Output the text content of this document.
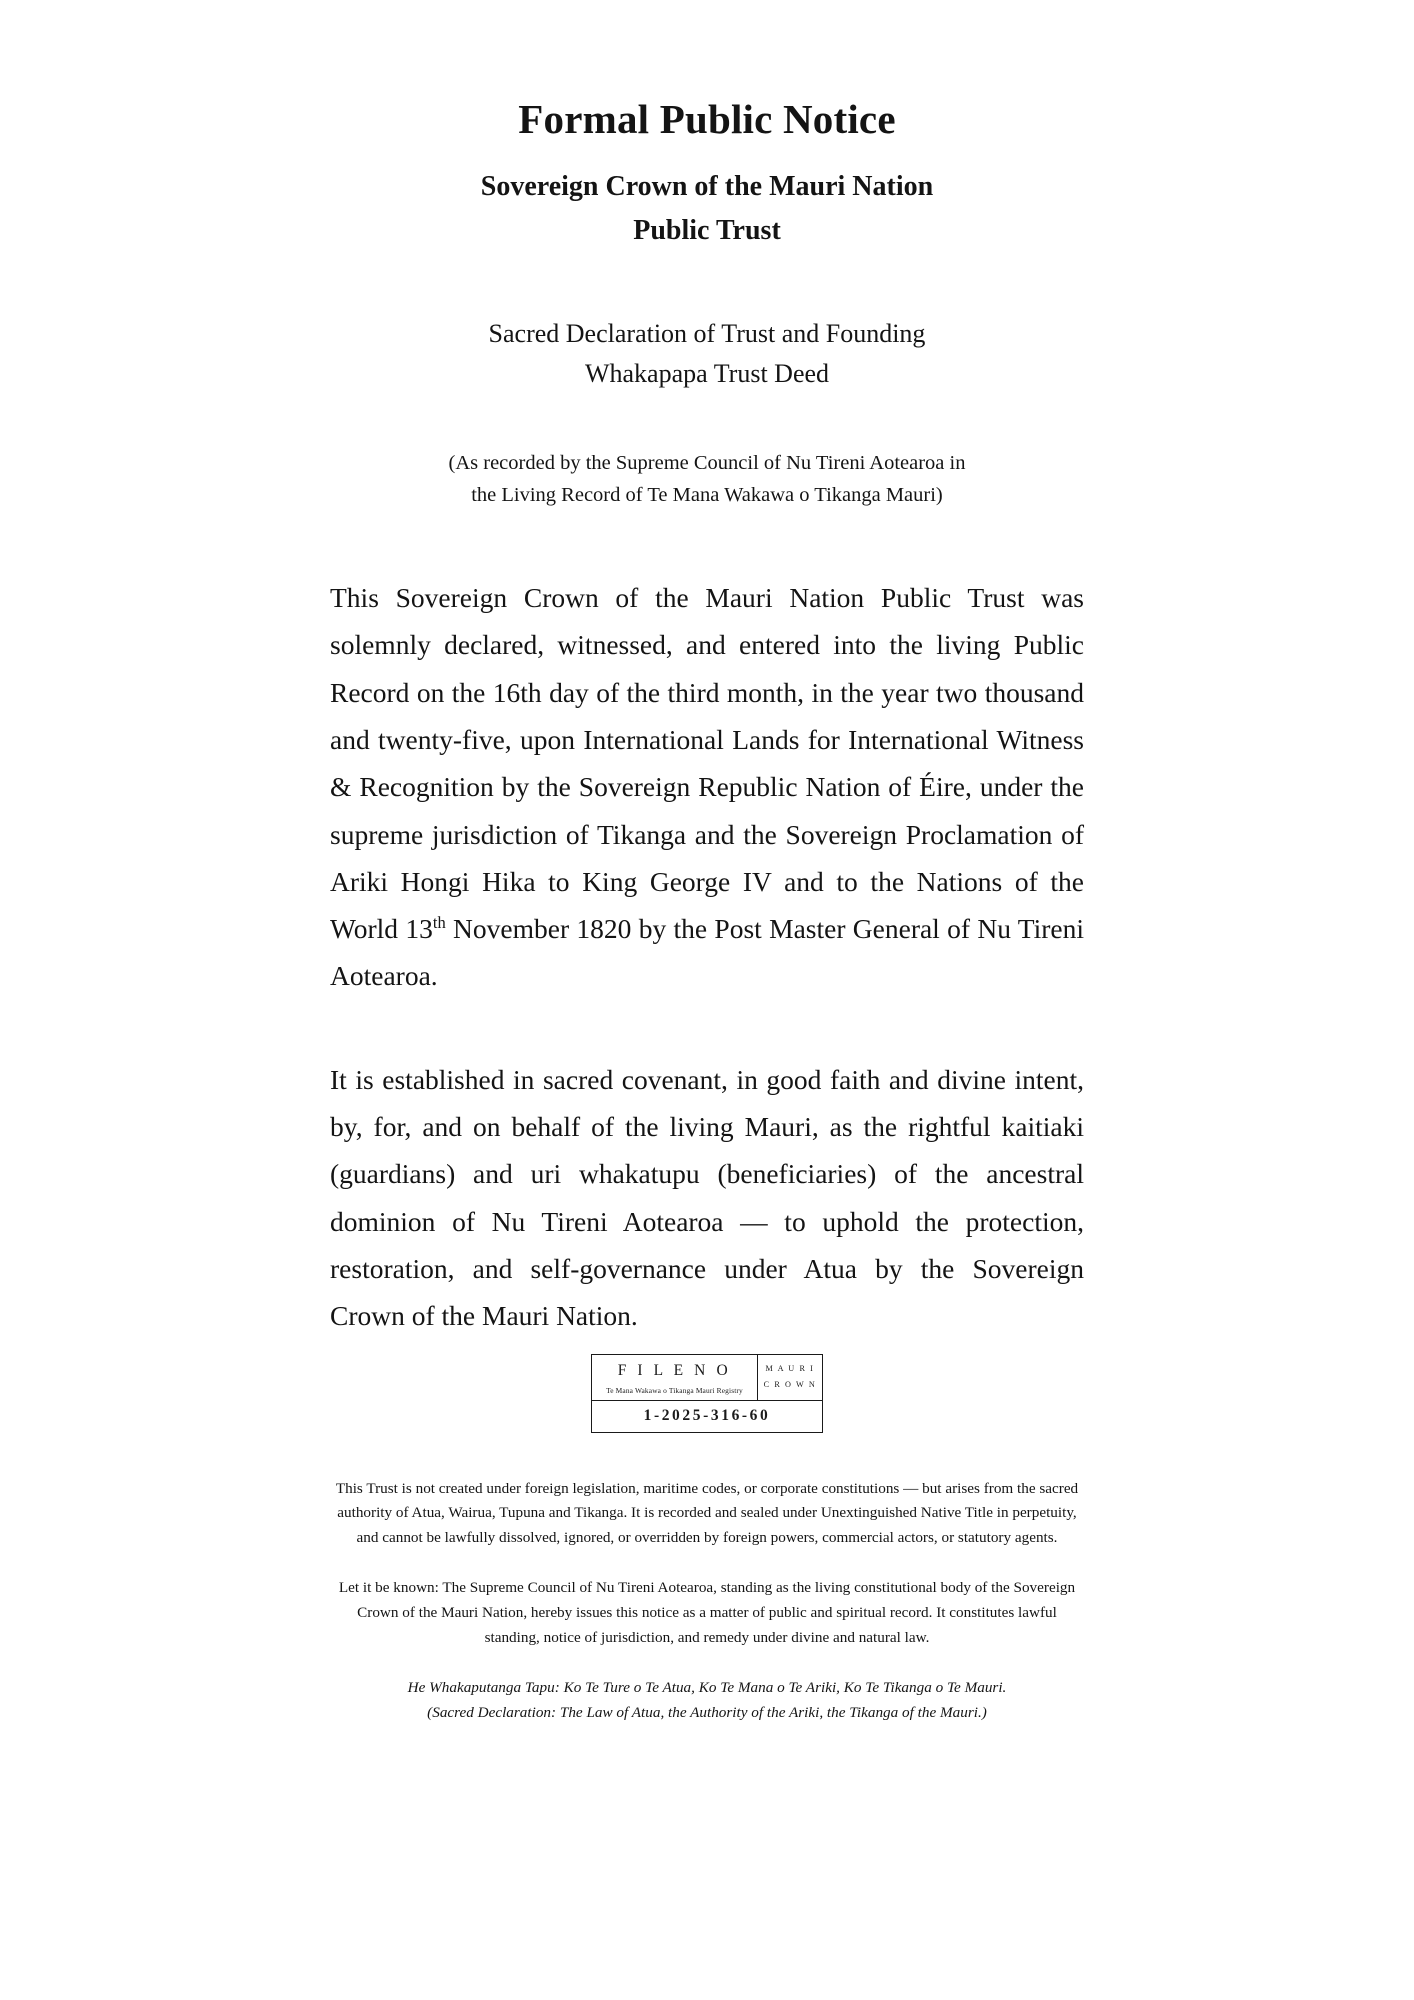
Formal Public Notice
Sovereign Crown of the Mauri Nation
Public Trust
Sacred Declaration of Trust and Founding
Whakapapa Trust Deed
(As recorded by the Supreme Council of Nu Tireni Aotearoa in
the Living Record of Te Mana Wakawa o Tikanga Mauri)

This Sovereign Crown of the Mauri Nation Public Trust was solemnly declared, witnessed, and entered into the living Public Record on the 16th day of the third month, in the year two thousand and twenty-five, upon International Lands for International Witness & Recognition by the Sovereign Republic Nation of Éire, under the supreme jurisdiction of Tikanga and the Sovereign Proclamation of Ariki Hongi Hika to King George IV and to the Nations of the World 13th November 1820 by the Post Master General of Nu Tireni Aotearoa.

It is established in sacred covenant, in good faith and divine intent, by, for, and on behalf of the living Mauri, as the rightful kaitiaki (guardians) and uri whakatupu (beneficiaries) of the ancestral dominion of Nu Tireni Aotearoa — to uphold the protection, restoration, and self-governance under Atua by the Sovereign Crown of the Mauri Nation.

F I L E N O
Te Mana Wakawa o Tikanga Mauri Registry
M A U R I
C R O W N
1-2025-316-60

This Trust is not created under foreign legislation, maritime codes, or corporate constitutions — but arises from the sacred authority of Atua, Wairua, Tupuna and Tikanga. It is recorded and sealed under Unextinguished Native Title in perpetuity, and cannot be lawfully dissolved, ignored, or overridden by foreign powers, commercial actors, or statutory agents.

Let it be known: The Supreme Council of Nu Tireni Aotearoa, standing as the living constitutional body of the Sovereign Crown of the Mauri Nation, hereby issues this notice as a matter of public and spiritual record. It constitutes lawful standing, notice of jurisdiction, and remedy under divine and natural law.

He Whakaputanga Tapu: Ko Te Ture o Te Atua, Ko Te Mana o Te Ariki, Ko Te Tikanga o Te Mauri.
(Sacred Declaration: The Law of Atua, the Authority of the Ariki, the Tikanga of the Mauri.)
